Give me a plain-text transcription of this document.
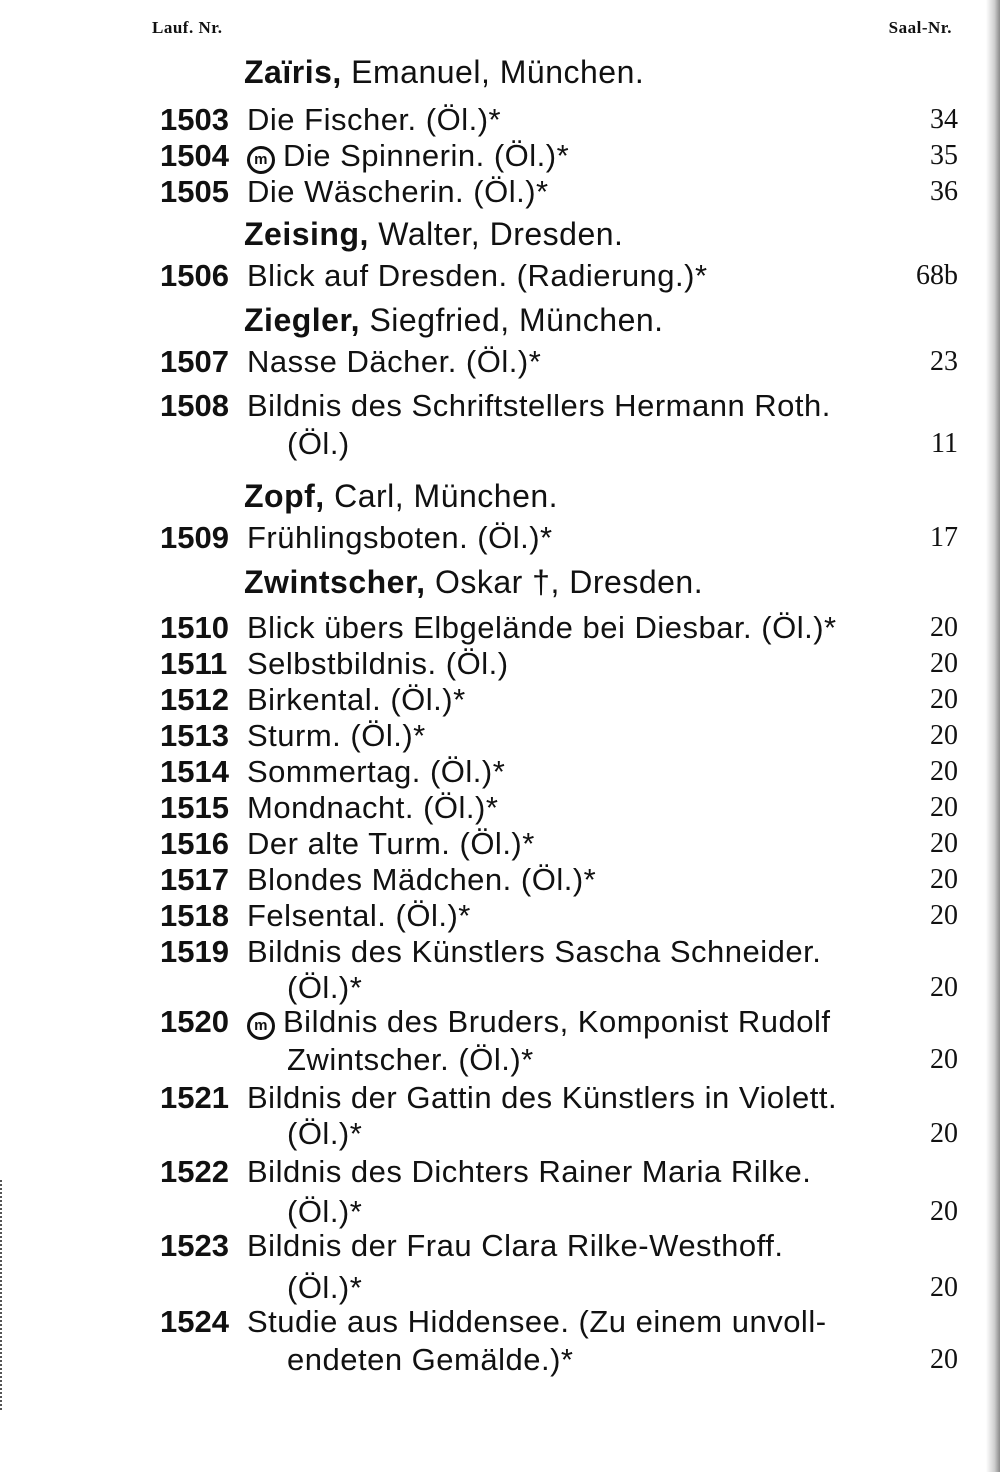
Lauf. Nr.	Saal-Nr.
Zaïris, Emanuel, München.
1503 Die Fischer. (Öl.)*	34
1504	m Die Spinnerin. (Öl.)*	35
1505 Die Wäscherin. (Öl.)*	36
Zeising, Walter, Dresden.
1506 Blick auf Dresden. (Radierung.)*	68b
Ziegler, Siegfried, München.
1507 Nasse Dächer. (Öl.)*	23
1508 Bildnis des Schriftstellers Hermann Roth.
(Öl.)	11
Zopf, Carl, München.
1509 Frühlingsboten. (Öl.)*	17
Zwintscher, Oskar †, Dresden.
1510 Blick übers Elbgelände bei Diesbar. (Öl.)*	20
1511 Selbstbildnis. (Öl.)	20
1512 Birkental. (Öl.)*	20
1513 Sturm. (Öl.)*	20
1514 Sommertag. (Öl.)*	20
1515 Mondnacht. (Öl.)*	20
1516 Der alte Turm. (Öl.)*	20
1517 Blondes Mädchen. (Öl.)*	20
1518 Felsental. (Öl.)*	20
1519 Bildnis des Künstlers Sascha Schneider.
(Öl.)*	20
1520	m Bildnis des Bruders, Komponist Rudolf
Zwintscher. (Öl.)*	20
1521 Bildnis der Gattin des Künstlers in Violett.
(Öl.)*	20
1522 Bildnis des Dichters Rainer Maria Rilke.
(Öl.)*	20
1523 Bildnis der Frau Clara Rilke-Westhoff.
(Öl.)*	20
1524 Studie aus Hiddensee. (Zu einem unvoll-
endeten Gemälde.)*	20
